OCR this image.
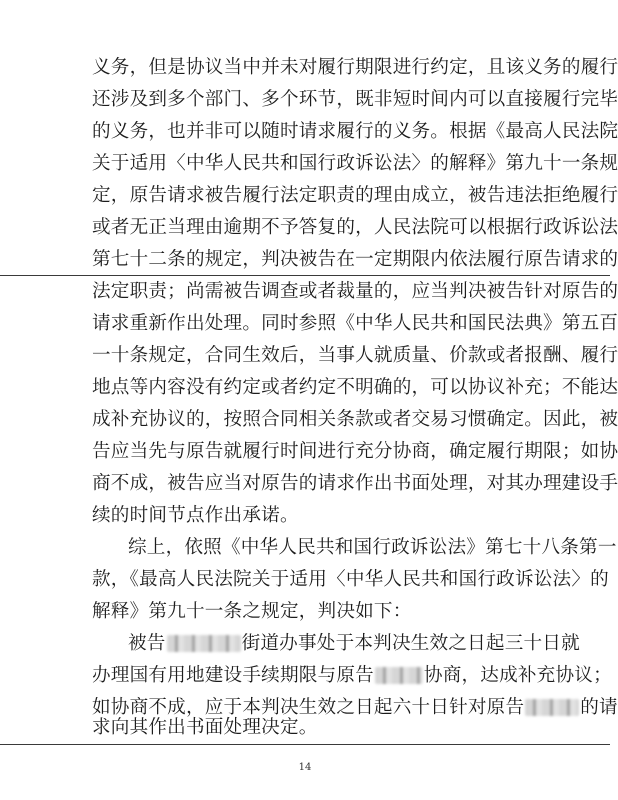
义务，但是协议当中并未对履行期限进行约定，且该义务的履行
还涉及到多个部门、多个环节，既非短时间内可以直接履行完毕
的义务，也并非可以随时请求履行的义务。根据《最高人民法院
关于适用〈中华人民共和国行政诉讼法〉的解释》第九十一条规
定，原告请求被告履行法定职责的理由成立，被告违法拒绝履行
或者无正当理由逾期不予答复的，人民法院可以根据行政诉讼法
第七十二条的规定，判决被告在一定期限内依法履行原告请求的
法定职责；尚需被告调查或者裁量的，应当判决被告针对原告的
请求重新作出处理。同时参照《中华人民共和国民法典》第五百
一十条规定，合同生效后，当事人就质量、价款或者报酬、履行
地点等内容没有约定或者约定不明确的，可以协议补充；不能达
成补充协议的，按照合同相关条款或者交易习惯确定。因此，被
告应当先与原告就履行时间进行充分协商，确定履行期限；如协
商不成，被告应当对原告的请求作出书面处理，对其办理建设手
续的时间节点作出承诺。
综上，依照《中华人民共和国行政诉讼法》第七十八条第一
款，《最高人民法院关于适用〈中华人民共和国行政诉讼法〉的
解释》第九十一条之规定，判决如下：
被告	街道办事处于本判决生效之日起三十日就
办理国有用地建设手续期限与原告	协商，达成补充协议；
如协商不成，应于本判决生效之日起六十日针对原告	的请
求向其作出书面处理决定。
14
